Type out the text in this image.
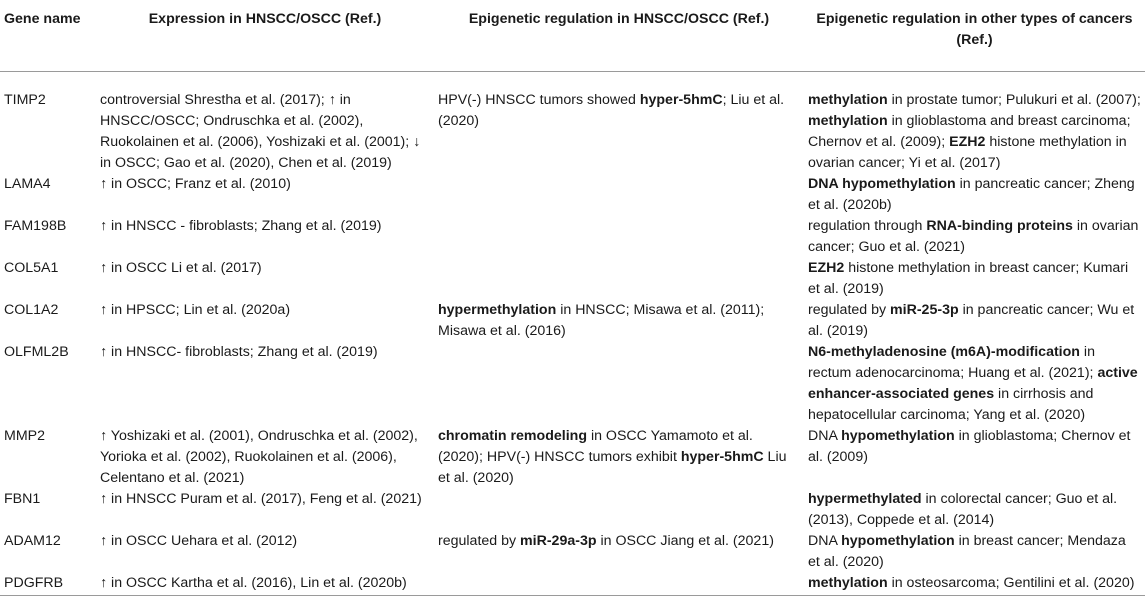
Gene name	Expression in HNSCC/OSCC (Ref.)	Epigenetic regulation in HNSCC/OSCC (Ref.)	Epigenetic regulation in other types of cancers (Ref.)
TIMP2	controversial Shrestha et al. (2017); ↑ in HNSCC/OSCC; Ondruschka et al. (2002), Ruokolainen et al. (2006), Yoshizaki et al. (2001); ↓ in OSCC; Gao et al. (2020), Chen et al. (2019)	HPV(-) HNSCC tumors showed hyper-5hmC; Liu et al. (2020)	methylation in prostate tumor; Pulukuri et al. (2007); methylation in glioblastoma and breast carcinoma; Chernov et al. (2009); EZH2 histone methylation in ovarian cancer; Yi et al. (2017)
LAMA4	↑ in OSCC; Franz et al. (2010)		DNA hypomethylation in pancreatic cancer; Zheng et al. (2020b)
FAM198B	↑ in HNSCC - fibroblasts; Zhang et al. (2019)		regulation through RNA-binding proteins in ovarian cancer; Guo et al. (2021)
COL5A1	↑ in OSCC Li et al. (2017)		EZH2 histone methylation in breast cancer; Kumari et al. (2019)
COL1A2	↑ in HPSCC; Lin et al. (2020a)	hypermethylation in HNSCC; Misawa et al. (2011); Misawa et al. (2016)	regulated by miR-25-3p in pancreatic cancer; Wu et al. (2019)
OLFML2B	↑ in HNSCC- fibroblasts; Zhang et al. (2019)		N6-methyladenosine (m6A)-modification in rectum adenocarcinoma; Huang et al. (2021); active enhancer-associated genes in cirrhosis and hepatocellular carcinoma; Yang et al. (2020)
MMP2	↑ Yoshizaki et al. (2001), Ondruschka et al. (2002), Yorioka et al. (2002), Ruokolainen et al. (2006), Celentano et al. (2021)	chromatin remodeling in OSCC Yamamoto et al. (2020); HPV(-) HNSCC tumors exhibit hyper-5hmC Liu et al. (2020)	DNA hypomethylation in glioblastoma; Chernov et al. (2009)
FBN1	↑ in HNSCC Puram et al. (2017), Feng et al. (2021)		hypermethylated in colorectal cancer; Guo et al. (2013), Coppede et al. (2014)
ADAM12	↑ in OSCC Uehara et al. (2012)	regulated by miR-29a-3p in OSCC Jiang et al. (2021)	DNA hypomethylation in breast cancer; Mendaza et al. (2020)
PDGFRB	↑ in OSCC Kartha et al. (2016), Lin et al. (2020b)		methylation in osteosarcoma; Gentilini et al. (2020)
